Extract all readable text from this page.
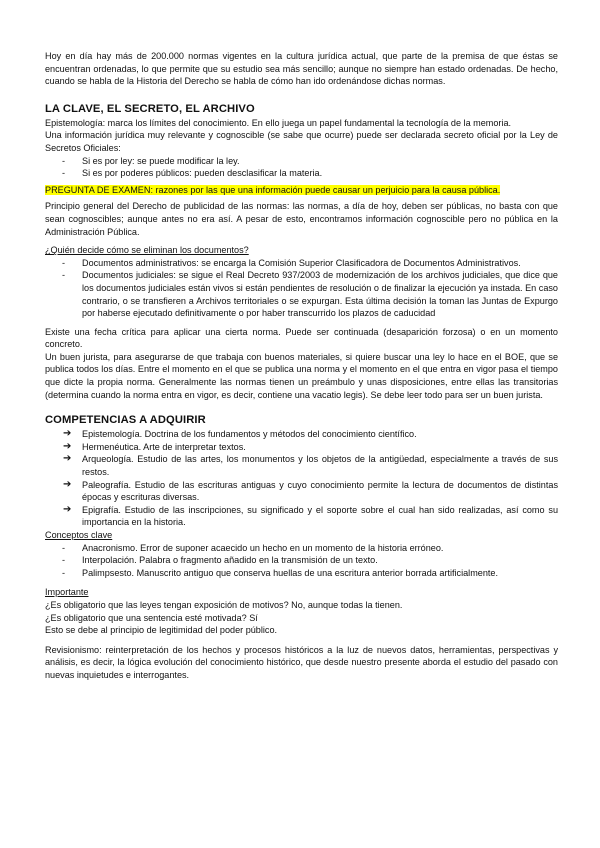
Hoy en día hay más de 200.000 normas vigentes en la cultura jurídica actual, que parte de la premisa de que éstas se encuentran ordenadas, lo que permite que su estudio sea más sencillo; aunque no siempre han estado ordenadas. De hecho, cuando se habla de la Historia del Derecho se habla de cómo han ido ordenándose dichas normas.

LA CLAVE, EL SECRETO, EL ARCHIVO

Epistemología: marca los límites del conocimiento. En ello juega un papel fundamental la tecnología de la memoria.

Una información jurídica muy relevante y cognoscible (se sabe que ocurre) puede ser declarada secreto oficial por la Ley de Secretos Oficiales:

- Si es por ley: se puede modificar la ley.
- Si es por poderes públicos: pueden desclasificar la materia.

PREGUNTA DE EXAMEN: razones por las que una información puede causar un perjuicio para la causa pública.

Principio general del Derecho de publicidad de las normas: las normas, a día de hoy, deben ser públicas, no basta con que sean cognoscibles; aunque antes no era así. A pesar de esto, encontramos información cognoscible pero no pública en la Administración Pública.

¿Quién decide cómo se eliminan los documentos?

- Documentos administrativos: se encarga la Comisión Superior Clasificadora de Documentos Administrativos.
- Documentos judiciales: se sigue el Real Decreto 937/2003 de modernización de los archivos judiciales, que dice que los documentos judiciales están vivos si están pendientes de resolución o de finalizar la ejecución ya instada. En caso contrario, o se transfieren a Archivos territoriales o se expurgan. Esta última decisión la toman las Juntas de Expurgo por haberse ejecutado definitivamente o por haber transcurrido los plazos de caducidad

Existe una fecha crítica para aplicar una cierta norma. Puede ser continuada (desaparición forzosa) o en un momento concreto.

Un buen jurista, para asegurarse de que trabaja con buenos materiales, si quiere buscar una ley lo hace en el BOE, que se publica todos los días. Entre el momento en el que se publica una norma y el momento en el que entra en vigor pasa el tiempo que dicte la propia norma. Generalmente las normas tienen un preámbulo y unas disposiciones, entre ellas las transitorias (determina cuando la norma entra en vigor, es decir, contiene una vacatio legis). Se debe leer todo para ser un buen jurista.

COMPETENCIAS A ADQUIRIR
➔ Epistemología. Doctrina de los fundamentos y métodos del conocimiento científico.
➔ Hermenéutica. Arte de interpretar textos.
➔ Arqueología. Estudio de las artes, los monumentos y los objetos de la antigüedad, especialmente a través de sus restos.
➔ Paleografía. Estudio de las escrituras antiguas y cuyo conocimiento permite la lectura de documentos de distintas épocas y escrituras diversas.
➔ Epigrafía. Estudio de las inscripciones, su significado y el soporte sobre el cual han sido realizadas, así como su importancia en la historia.

Conceptos clave

- Anacronismo. Error de suponer acaecido un hecho en un momento de la historia erróneo.
- Interpolación. Palabra o fragmento añadido en la transmisión de un texto.
- Palimpsesto. Manuscrito antiguo que conserva huellas de una escritura anterior borrada artificialmente.

Importante

¿Es obligatorio que las leyes tengan exposición de motivos? No, aunque todas la tienen.

¿Es obligatorio que una sentencia esté motivada? Sí

Esto se debe al principio de legitimidad del poder público.

Revisionismo: reinterpretación de los hechos y procesos históricos a la luz de nuevos datos, herramientas, perspectivas y análisis, es decir, la lógica evolución del conocimiento histórico, que desde nuestro presente aborda el estudio del pasado con nuevas inquietudes e interrogantes.
